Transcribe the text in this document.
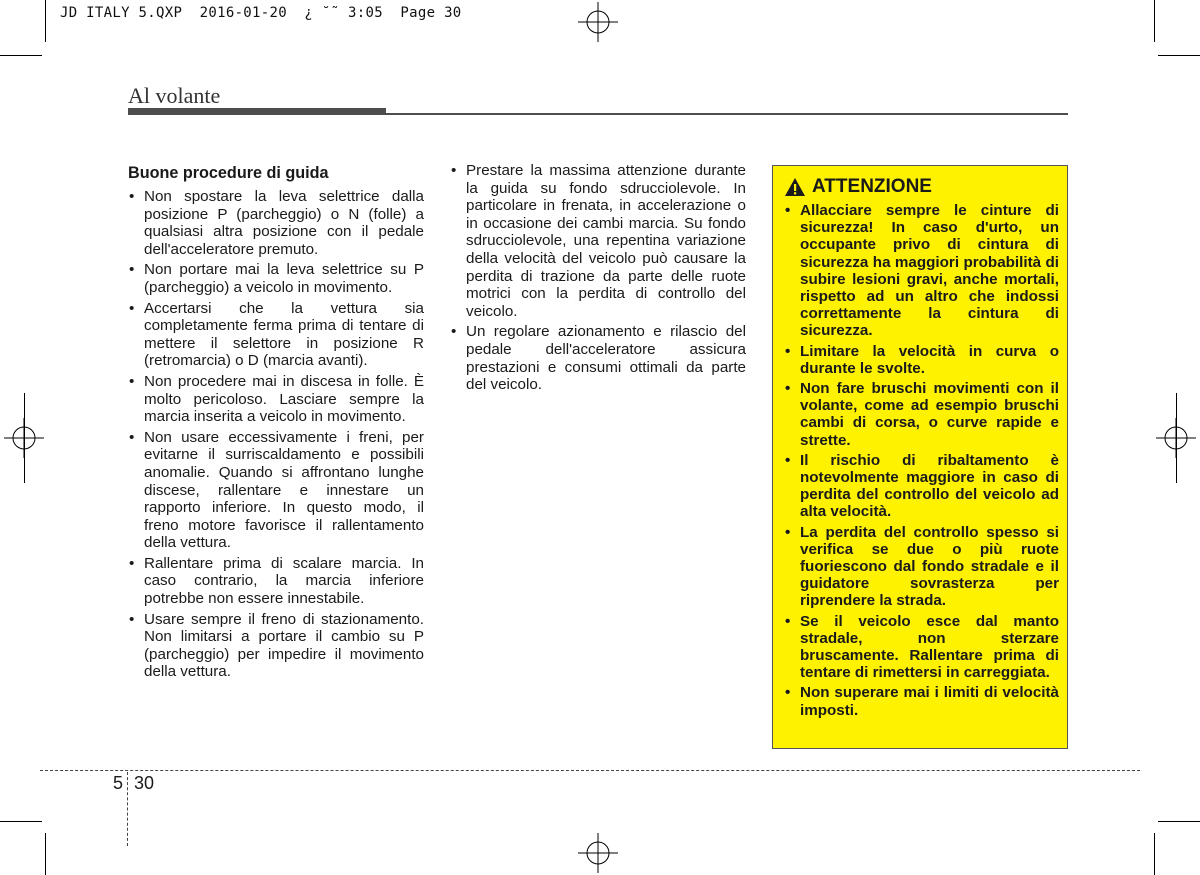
JD ITALY 5.QXP  2016-01-20  ¿ ˘˜ 3:05  Page 30
Al volante
Buone procedure di guida
• Non spostare la leva selettrice dalla posizione P (parcheggio) o N (folle) a qualsiasi altra posizione con il pedale dell'acceleratore premuto.
• Non portare mai la leva selettrice su P (parcheggio) a veicolo in movimento.
• Accertarsi che la vettura sia completamente ferma prima di tentare di mettere il selettore in posizione R (retromarcia) o D (marcia avanti).
• Non procedere mai in discesa in folle. È molto pericoloso. Lasciare sempre la marcia inserita a veicolo in movimento.
• Non usare eccessivamente i freni, per evitarne il surriscaldamento e possibili anomalie. Quando si affrontano lunghe discese, rallentare e innestare un rapporto inferiore. In questo modo, il freno motore favorisce il rallentamento della vettura.
• Rallentare prima di scalare marcia. In caso contrario, la marcia inferiore potrebbe non essere innestabile.
• Usare sempre il freno di stazionamento. Non limitarsi a portare il cambio su P (parcheggio) per impedire il movimento della vettura.
• Prestare la massima attenzione durante la guida su fondo sdrucciolevole. In particolare in frenata, in accelerazione o in occasione dei cambi marcia. Su fondo sdrucciolevole, una repentina variazione della velocità del veicolo può causare la perdita di trazione da parte delle ruote motrici con la perdita di controllo del veicolo.
• Un regolare azionamento e rilascio del pedale dell'acceleratore assicura prestazioni e consumi ottimali da parte del veicolo.
ATTENZIONE
• Allacciare sempre le cinture di sicurezza! In caso d'urto, un occupante privo di cintura di sicurezza ha maggiori probabilità di subire lesioni gravi, anche mortali, rispetto ad un altro che indossi correttamente la cintura di sicurezza.
• Limitare la velocità in curva o durante le svolte.
• Non fare bruschi movimenti con il volante, come ad esempio bruschi cambi di corsa, o curve rapide e strette.
• Il rischio di ribaltamento è notevolmente maggiore in caso di perdita del controllo del veicolo ad alta velocità.
• La perdita del controllo spesso si verifica se due o più ruote fuoriescono dal fondo stradale e il guidatore sovrasterza per riprendere la strada.
• Se il veicolo esce dal manto stradale, non sterzare bruscamente. Rallentare prima di tentare di rimettersi in carreggiata.
• Non superare mai i limiti di velocità imposti.
5 30
